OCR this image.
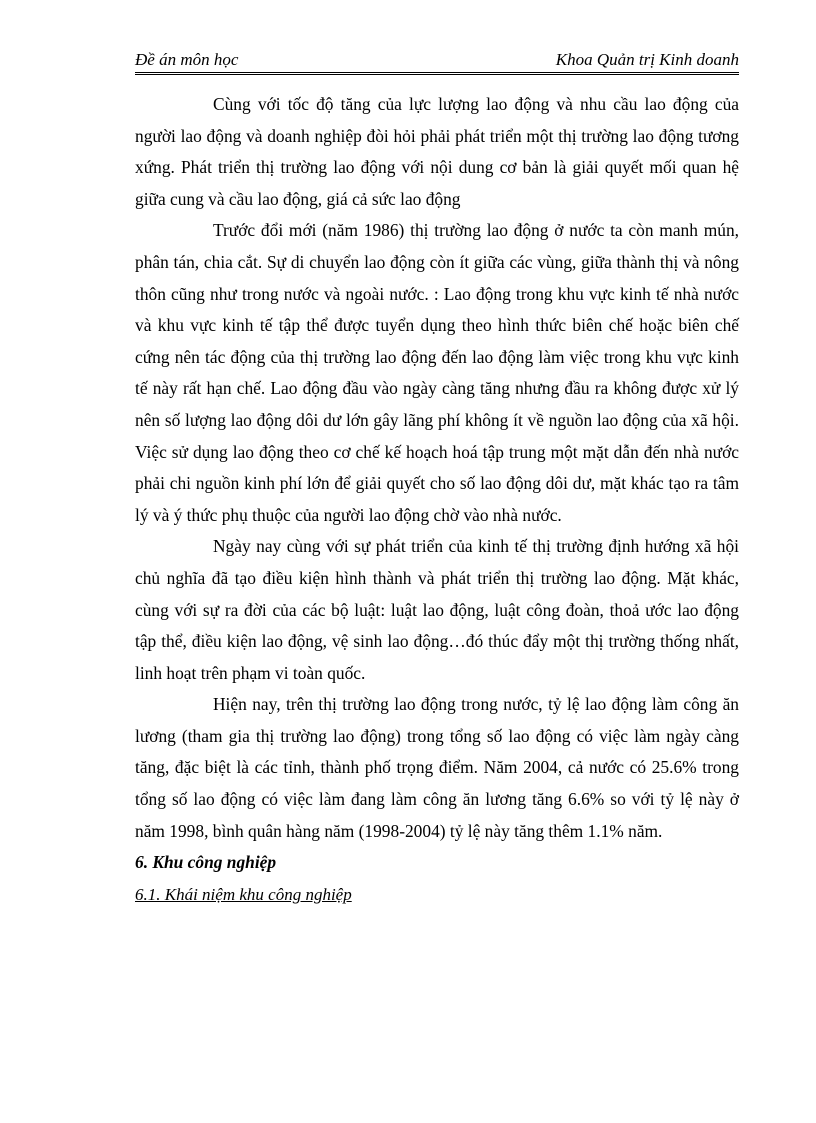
Đề án môn học	Khoa Quản trị Kinh doanh

Cùng với tốc độ tăng của lực lượng lao động và nhu cầu lao động của người lao động và doanh nghiệp đòi hỏi phải phát triển một thị trường lao động tương xứng. Phát triển thị trường lao động với nội dung cơ bản là giải quyết mối quan hệ giữa cung và cầu lao động, giá cả sức lao động

Trước đổi mới (năm 1986) thị trường lao động ở nước ta còn manh mún, phân tán, chia cắt. Sự di chuyển lao động còn ít giữa các vùng, giữa thành thị và nông thôn cũng như trong nước và ngoài nước. : Lao động trong khu vực kinh tế nhà nước và khu vực kinh tế tập thể được tuyển dụng theo hình thức biên chế hoặc biên chế cứng nên tác động của thị trường lao động đến lao động làm việc trong khu vực kinh tế này rất hạn chế. Lao động đầu vào ngày càng tăng nhưng đầu ra không được xử lý nên số lượng lao động dôi dư lớn gây lãng phí không ít về nguồn lao động của xã hội. Việc sử dụng lao động theo cơ chế kế hoạch hoá tập trung một mặt dẫn đến nhà nước phải chi nguồn kinh phí lớn để giải quyết cho số lao động dôi dư, mặt khác tạo ra tâm lý và ý thức phụ thuộc của người lao động chờ vào nhà nước.

Ngày nay cùng với sự phát triển của kinh tế thị trường định hướng xã hội chủ nghĩa đã tạo điều kiện hình thành và phát triển thị trường lao động. Mặt khác, cùng với sự ra đời của các bộ luật: luật lao động, luật công đoàn, thoả ước lao động tập thể, điều kiện lao động, vệ sinh lao động…đó thúc đẩy một thị trường thống nhất, linh hoạt trên phạm vi toàn quốc.

Hiện nay, trên thị trường lao động trong nước, tỷ lệ lao động làm công ăn lương (tham gia thị trường lao động) trong tổng số lao động có việc làm ngày càng tăng, đặc biệt là các tỉnh, thành phố trọng điểm. Năm 2004, cả nước có 25.6% trong tổng số lao động có việc làm đang làm công ăn lương tăng 6.6% so với tỷ lệ này ở năm 1998, bình quân hàng năm (1998-2004) tỷ lệ này tăng thêm 1.1% năm.

6. Khu công nghiệp

6.1. Khái niệm khu công nghiệp
